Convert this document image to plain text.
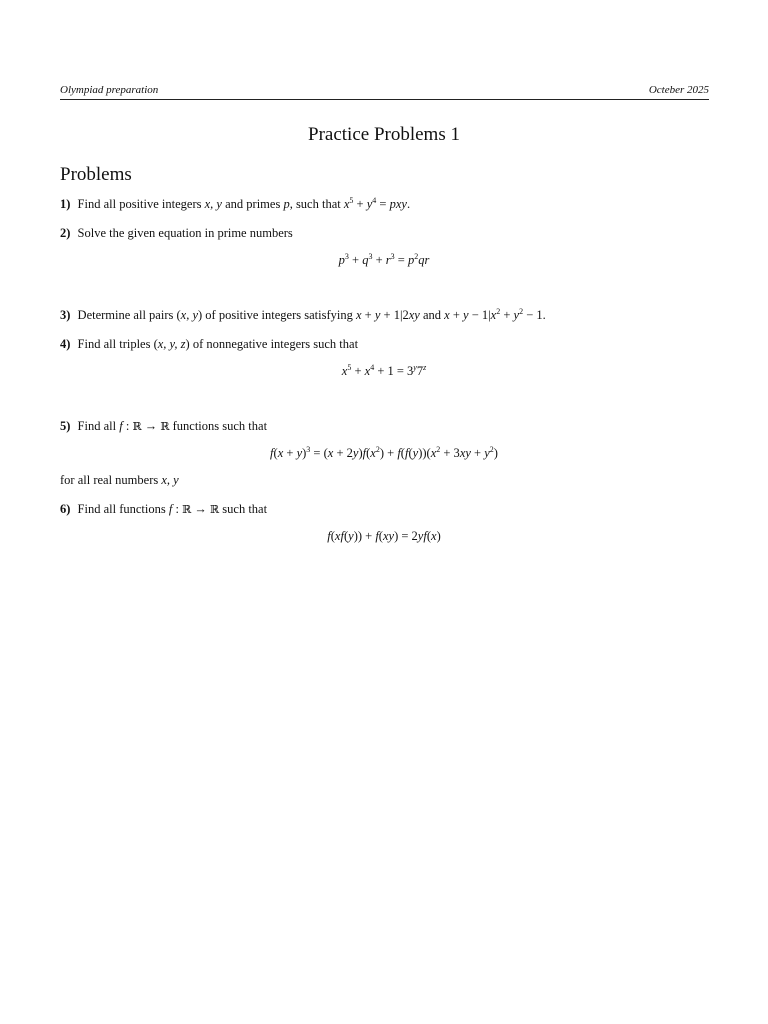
Olympiad preparation	Octeber 2025
Practice Problems 1
Problems
1) Find all positive integers x, y and primes p, such that $x^5 + y^4$ = pxy.
2) Solve the given equation in prime numbers
$p^3 + q^3 + r^3 = p^2qr$
3) Determine all pairs (x, y) of positive integers satisfying x + y + 1|2xy and $x + y - 1|x^2 + y^2 - 1$.
4) Find all triples (x, y, z) of nonnegative integers such that
$x^5 + x^4 + 1 = 3^y7^z$
5) Find all f : ℝ → ℝ functions such that
$f(x + y)^3 = (x + 2y)f(x^2) + f(f(y))(x^2 + 3xy + y^2)$
for all real numbers x, y
6) Find all functions f : ℝ → ℝ such that
f(xf(y)) + f(xy) = 2yf(x)
